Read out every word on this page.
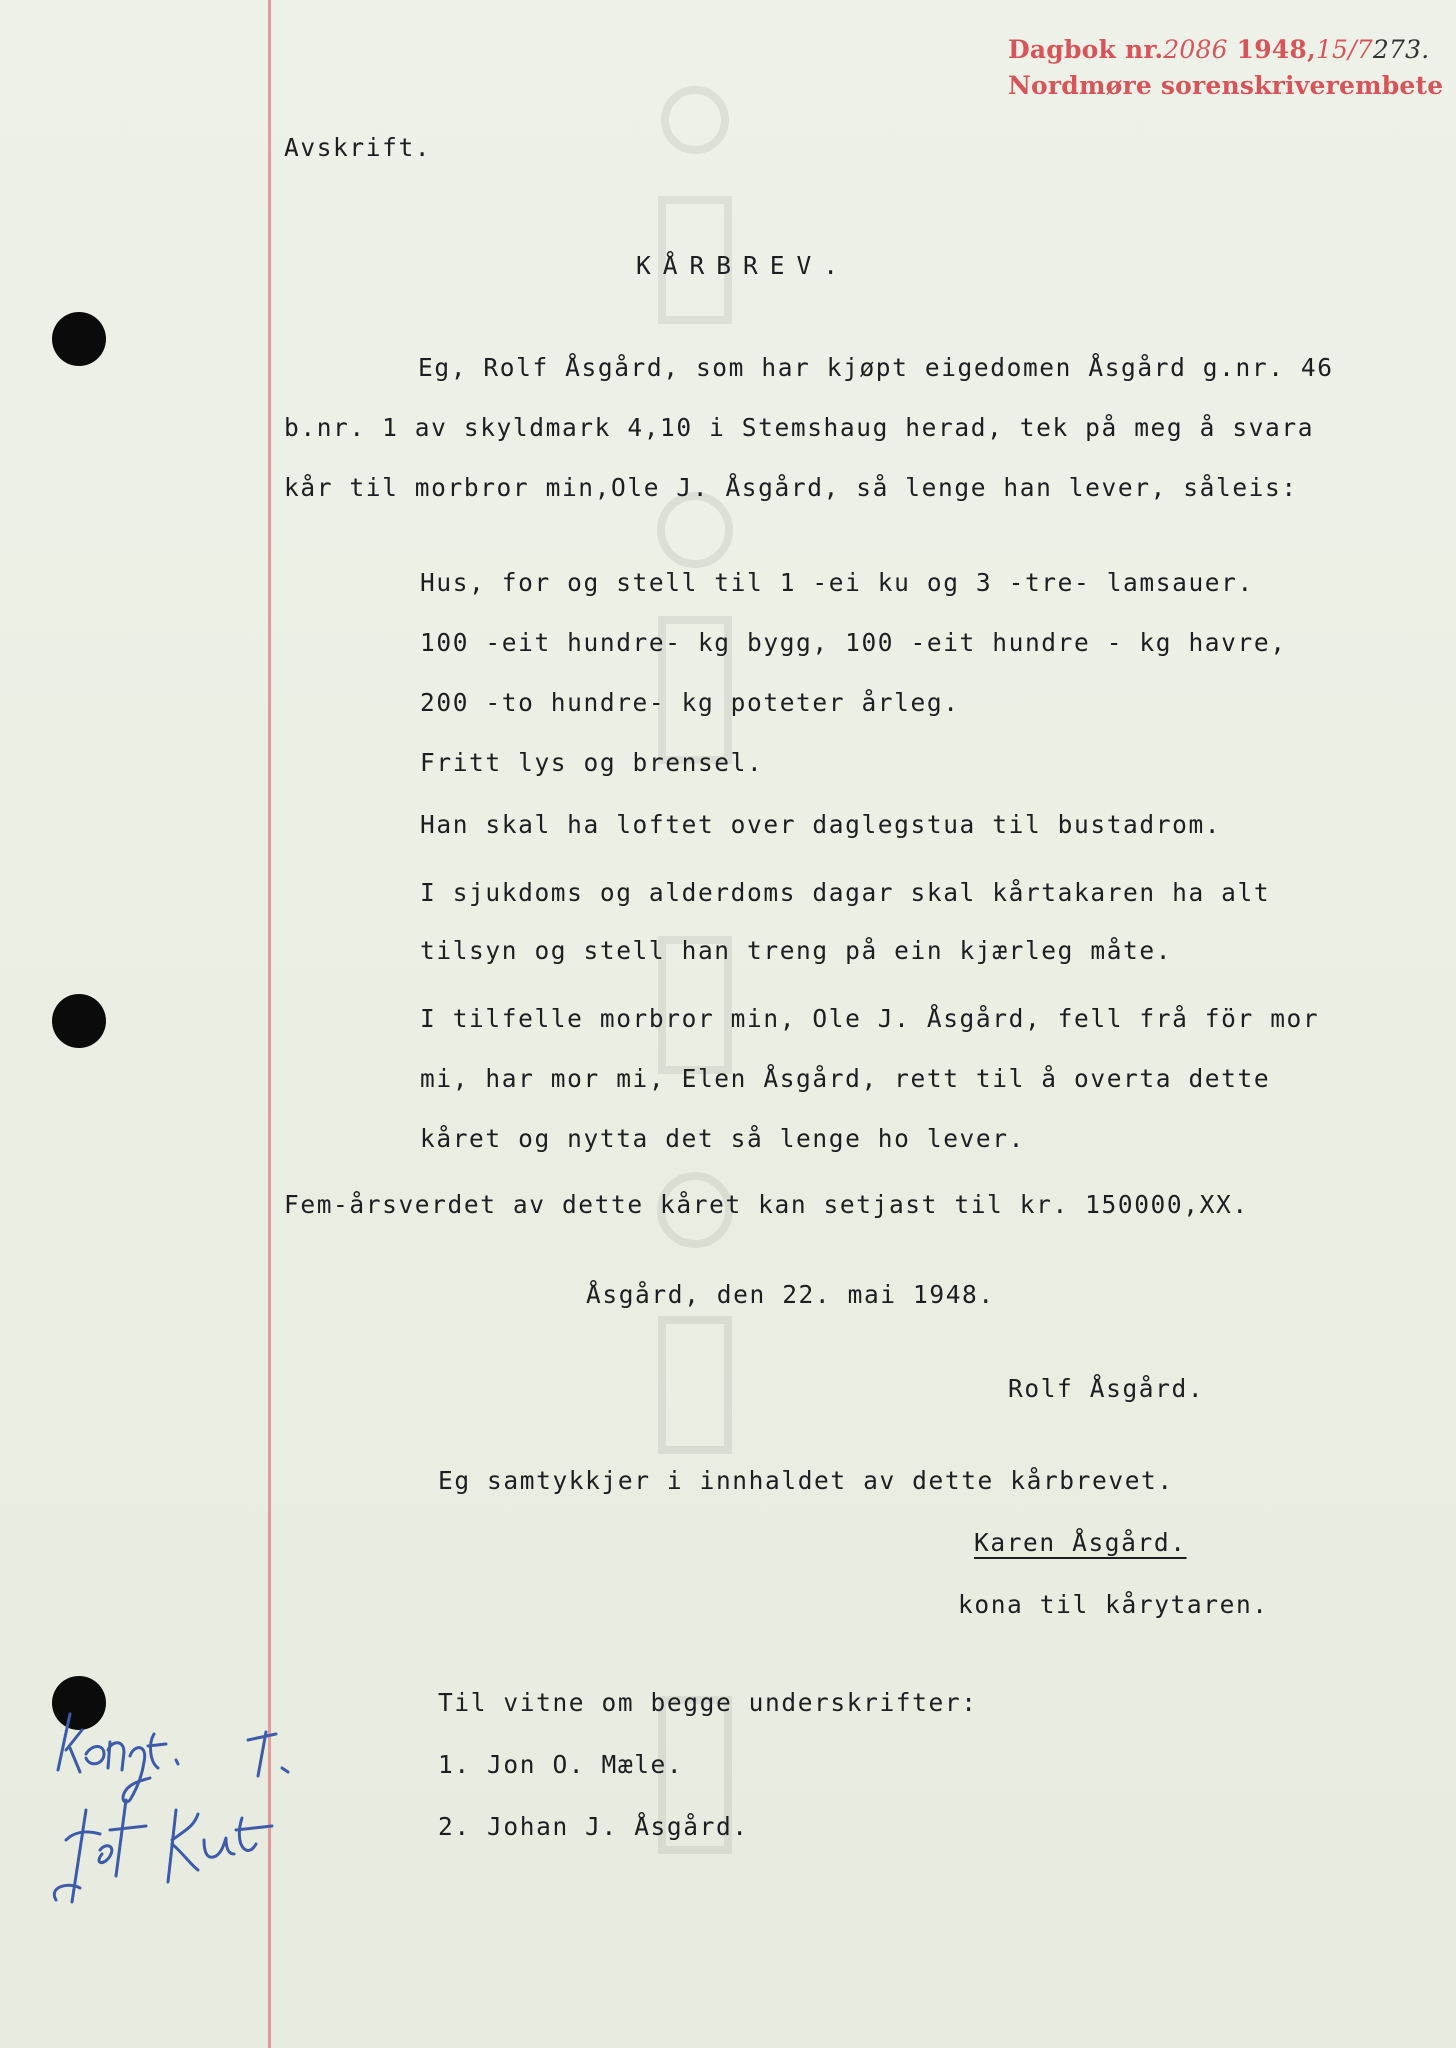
Dagbok nr.2086 1948,15/7273.
Nordmøre sorenskriverembete
Avskrift.
KÅRBREV.
Eg, Rolf Åsgård, som har kjøpt eigedomen Åsgård g.nr. 46
b.nr. 1 av skyldmark 4,10 i Stemshaug herad, tek på meg å svara
kår til morbror min,Ole J. Åsgård, så lenge han lever, såleis:
Hus, for og stell til 1 -ei ku og 3 -tre- lamsauer.
100 -eit hundre- kg bygg, 100 -eit hundre - kg havre,
200 -to hundre- kg poteter årleg.
Fritt lys og brensel.
Han skal ha loftet over daglegstua til bustadrom.
I sjukdoms og alderdoms dagar skal kårtakaren ha alt
tilsyn og stell han treng på ein kjærleg måte.
I tilfelle morbror min, Ole J. Åsgård, fell frå för mor
mi, har mor mi, Elen Åsgård, rett til å overta dette
kåret og nytta det så lenge ho lever.
Fem-årsverdet av dette kåret kan setjast til kr. 150000,XX.
Åsgård, den 22. mai 1948.
Rolf Åsgård.
Eg samtykkjer i innhaldet av dette kårbrevet.
Karen Åsgård.
kona til kårytaren.
Til vitne om begge underskrifter:
1. Jon O. Mæle.
2. Johan J. Åsgård.
